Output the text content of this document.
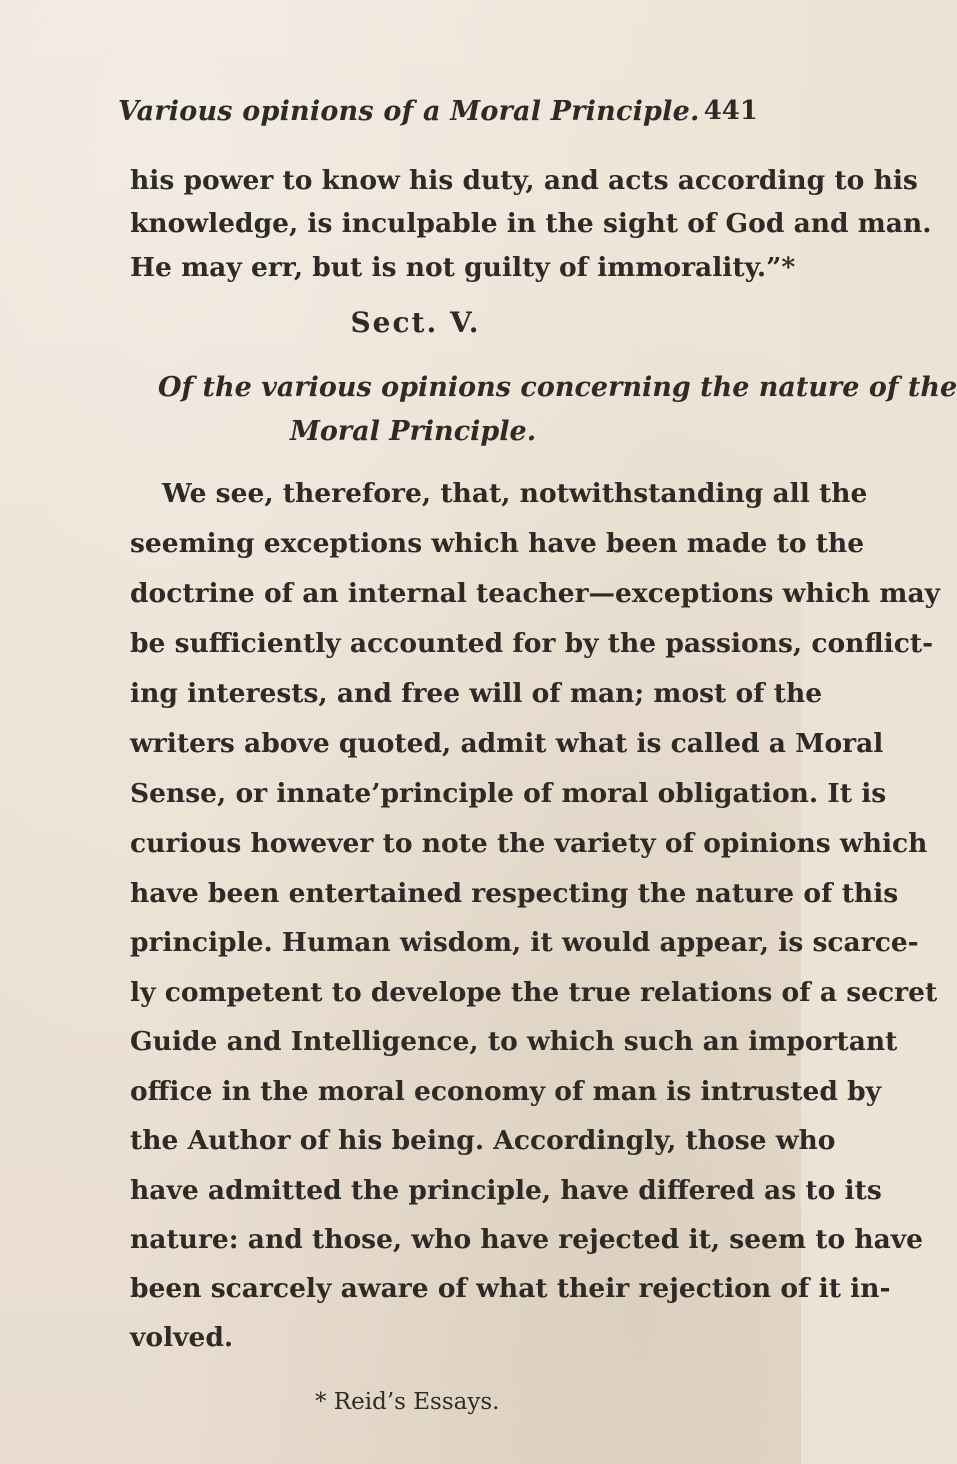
Various opinions of a Moral Principle. 441
his power to know his duty, and acts according to his
knowledge, is inculpable in the sight of God and man.
He may err, but is not guilty of immorality.”*
Sect. V.
Of the various opinions concerning the nature of the
Moral Principle.
We see, therefore, that, notwithstanding all the
seeming exceptions which have been made to the
doctrine of an internal teacher—exceptions which may
be sufficiently accounted for by the passions, conflict-
ing interests, and free will of man; most of the
writers above quoted, admit what is called a Moral
Sense, or innate’principle of moral obligation. It is
curious however to note the variety of opinions which
have been entertained respecting the nature of this
principle. Human wisdom, it would appear, is scarce-
ly competent to develope the true relations of a secret
Guide and Intelligence, to which such an important
office in the moral economy of man is intrusted by
the Author of his being. Accordingly, those who
have admitted the principle, have differed as to its
nature: and those, who have rejected it, seem to have
been scarcely aware of what their rejection of it in-
volved.
* Reid’s Essays.
